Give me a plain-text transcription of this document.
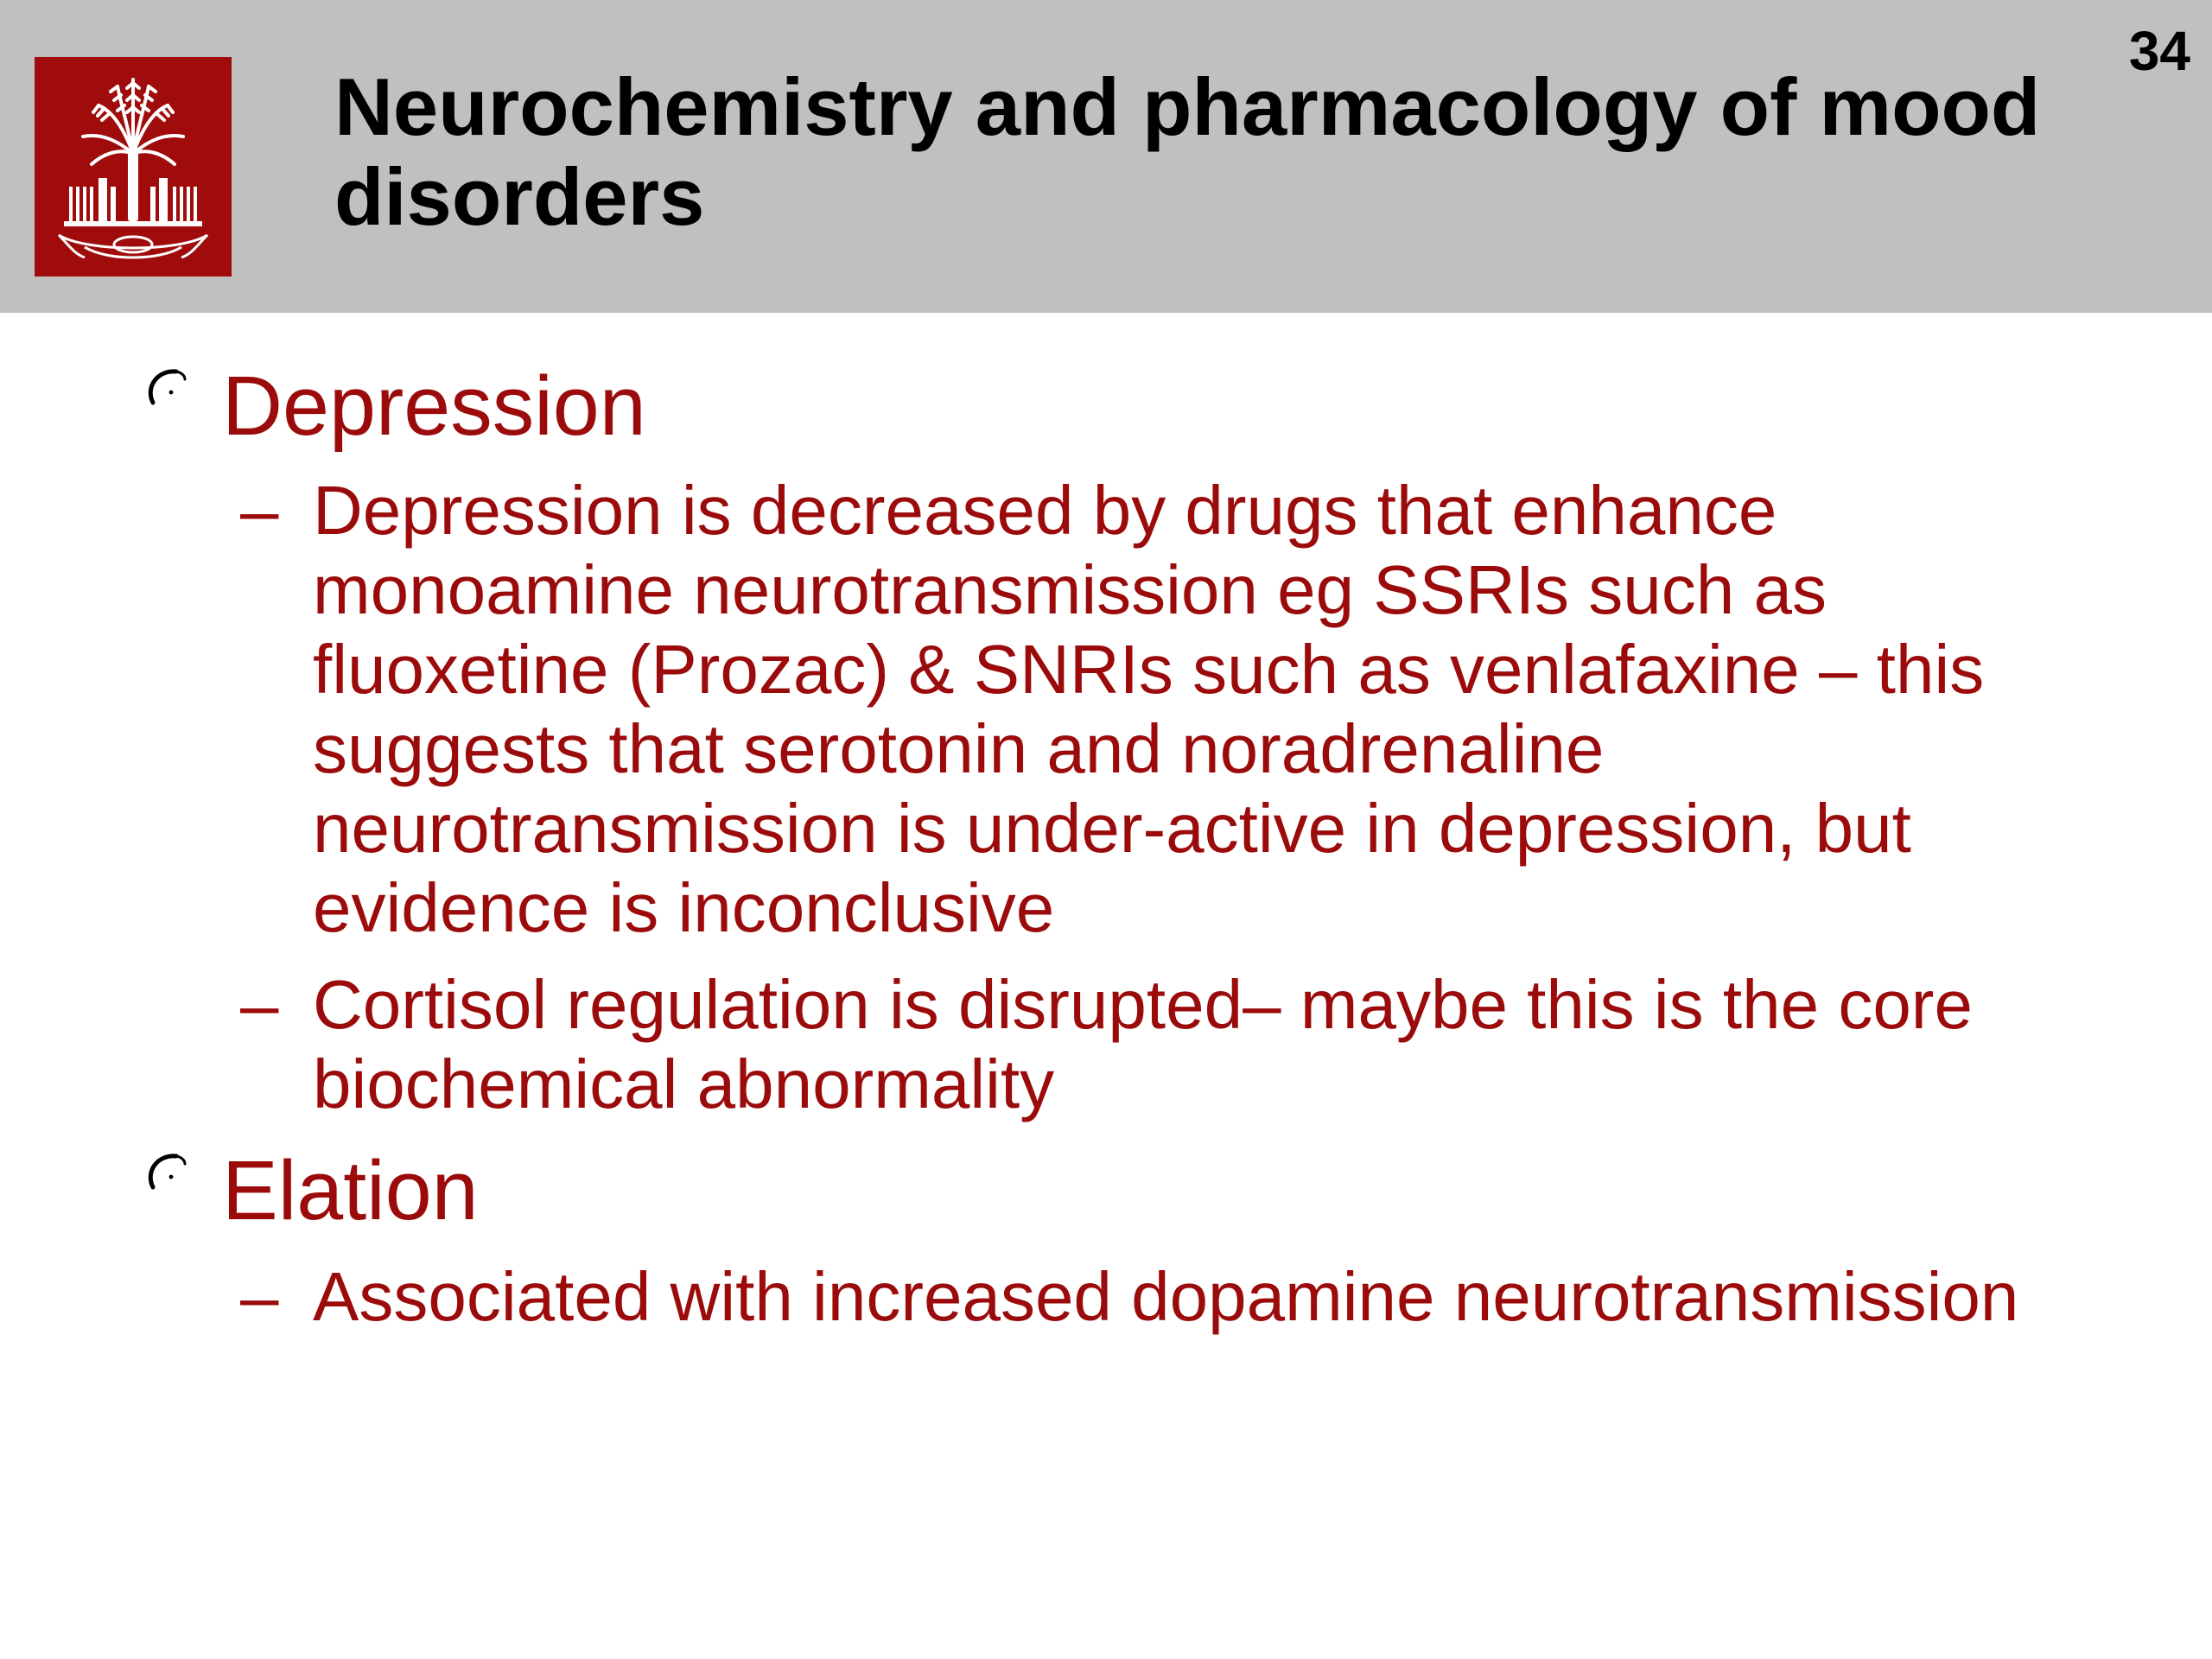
Neurochemistry and pharmacology of mood disorders
34
Depression
– Depression is decreased by drugs that enhance monoamine neurotransmission eg SSRIs such as fluoxetine (Prozac) & SNRIs such as venlafaxine – this suggests that serotonin and noradrenaline neurotransmission is under-active in depression, but evidence is inconclusive

– Cortisol regulation is disrupted– maybe this is the core biochemical abnormality

Elation
– Associated with increased dopamine neurotransmission
